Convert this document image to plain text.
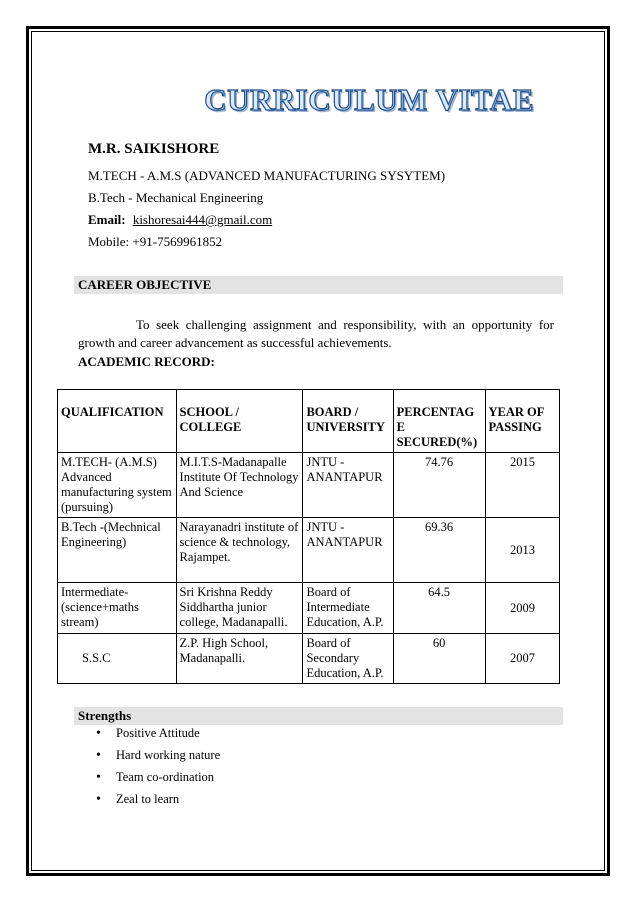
CURRICULUM VITAE
M.R. SAIKISHORE
M.TECH - A.M.S (ADVANCED MANUFACTURING SYSYTEM)
B.Tech - Mechanical Engineering
Email: kishoresai444@gmail.com
Mobile: +91-7569961852
CAREER OBJECTIVE
To seek challenging assignment and responsibility, with an opportunity for growth and career advancement as successful achievements.
ACADEMIC RECORD:
QUALIFICATION	SCHOOL / COLLEGE	BOARD / UNIVERSITY	PERCENTAG E SECURED(%)	YEAR OF PASSING
M.TECH- (A.M.S) Advanced manufacturing system (pursuing)	M.I.T.S-Madanapalle Institute Of Technology And Science	JNTU - ANANTAPUR	74.76	2015
B.Tech -(Mechnical Engineering)	Narayanadri institute of science & technology, Rajampet.	JNTU - ANANTAPUR	69.36	2013
Intermediate- (science+maths stream)	Sri Krishna Reddy Siddhartha junior college, Madanapalli.	Board of Intermediate Education, A.P.	64.5	2009
S.S.C	Z.P. High School, Madanapalli.	Board of Secondary Education, A.P.	60	2007
Strengths
• Positive Attitude
• Hard working nature
• Team co-ordination
• Zeal to learn
